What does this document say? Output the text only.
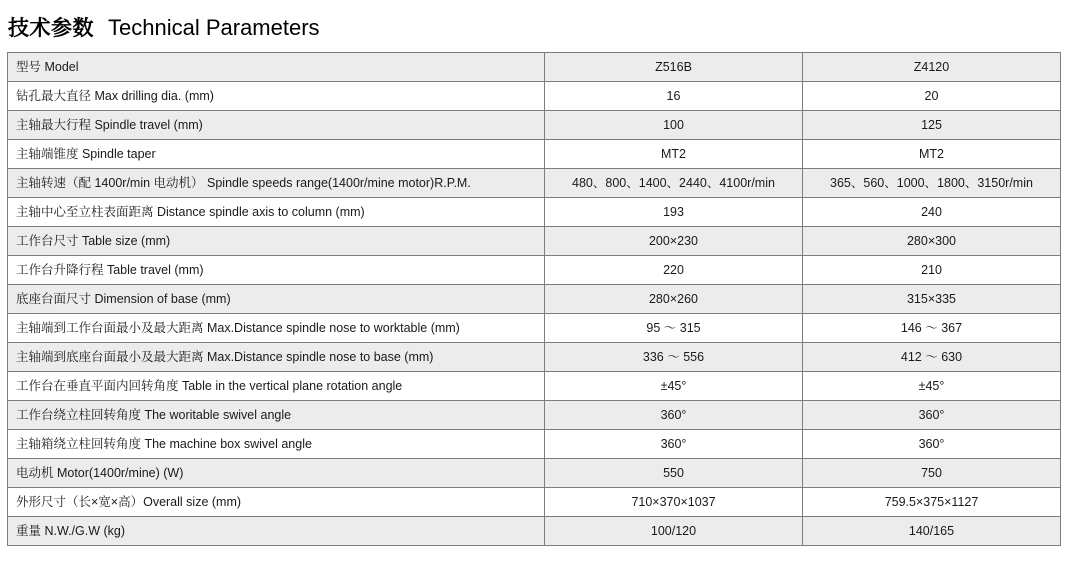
技术参数 Technical Parameters
型号 Model	Z516B	Z4120
钻孔最大直径 Max drilling dia. (mm)	16	20
主轴最大行程 Spindle travel (mm)	100	125
主轴端锥度 Spindle taper	MT2	MT2
主轴转速（配 1400r/min 电动机） Spindle speeds range(1400r/mine motor)R.P.M.	480、800、1400、2440、4100r/min	365、560、1000、1800、3150r/min
主轴中心至立柱表面距离 Distance spindle axis to column (mm)	193	240
工作台尺寸 Table size (mm)	200×230	280×300
工作台升降行程 Table travel (mm)	220	210
底座台面尺寸 Dimension of base (mm)	280×260	315×335
主轴端到工作台面最小及最大距离 Max.Distance spindle nose to worktable (mm)	95 ～ 315	146 ～ 367
主轴端到底座台面最小及最大距离 Max.Distance spindle nose to base (mm)	336 ～ 556	412 ～ 630
工作台在垂直平面内回转角度 Table in the vertical plane rotation angle	±45°	±45°
工作台绕立柱回转角度 The woritable swivel angle	360°	360°
主轴箱绕立柱回转角度 The machine box swivel angle	360°	360°
电动机 Motor(1400r/mine) (W)	550	750
外形尺寸（长×宽×高）Overall size (mm)	710×370×1037	759.5×375×1127
重量 N.W./G.W (kg)	100/120	140/165
